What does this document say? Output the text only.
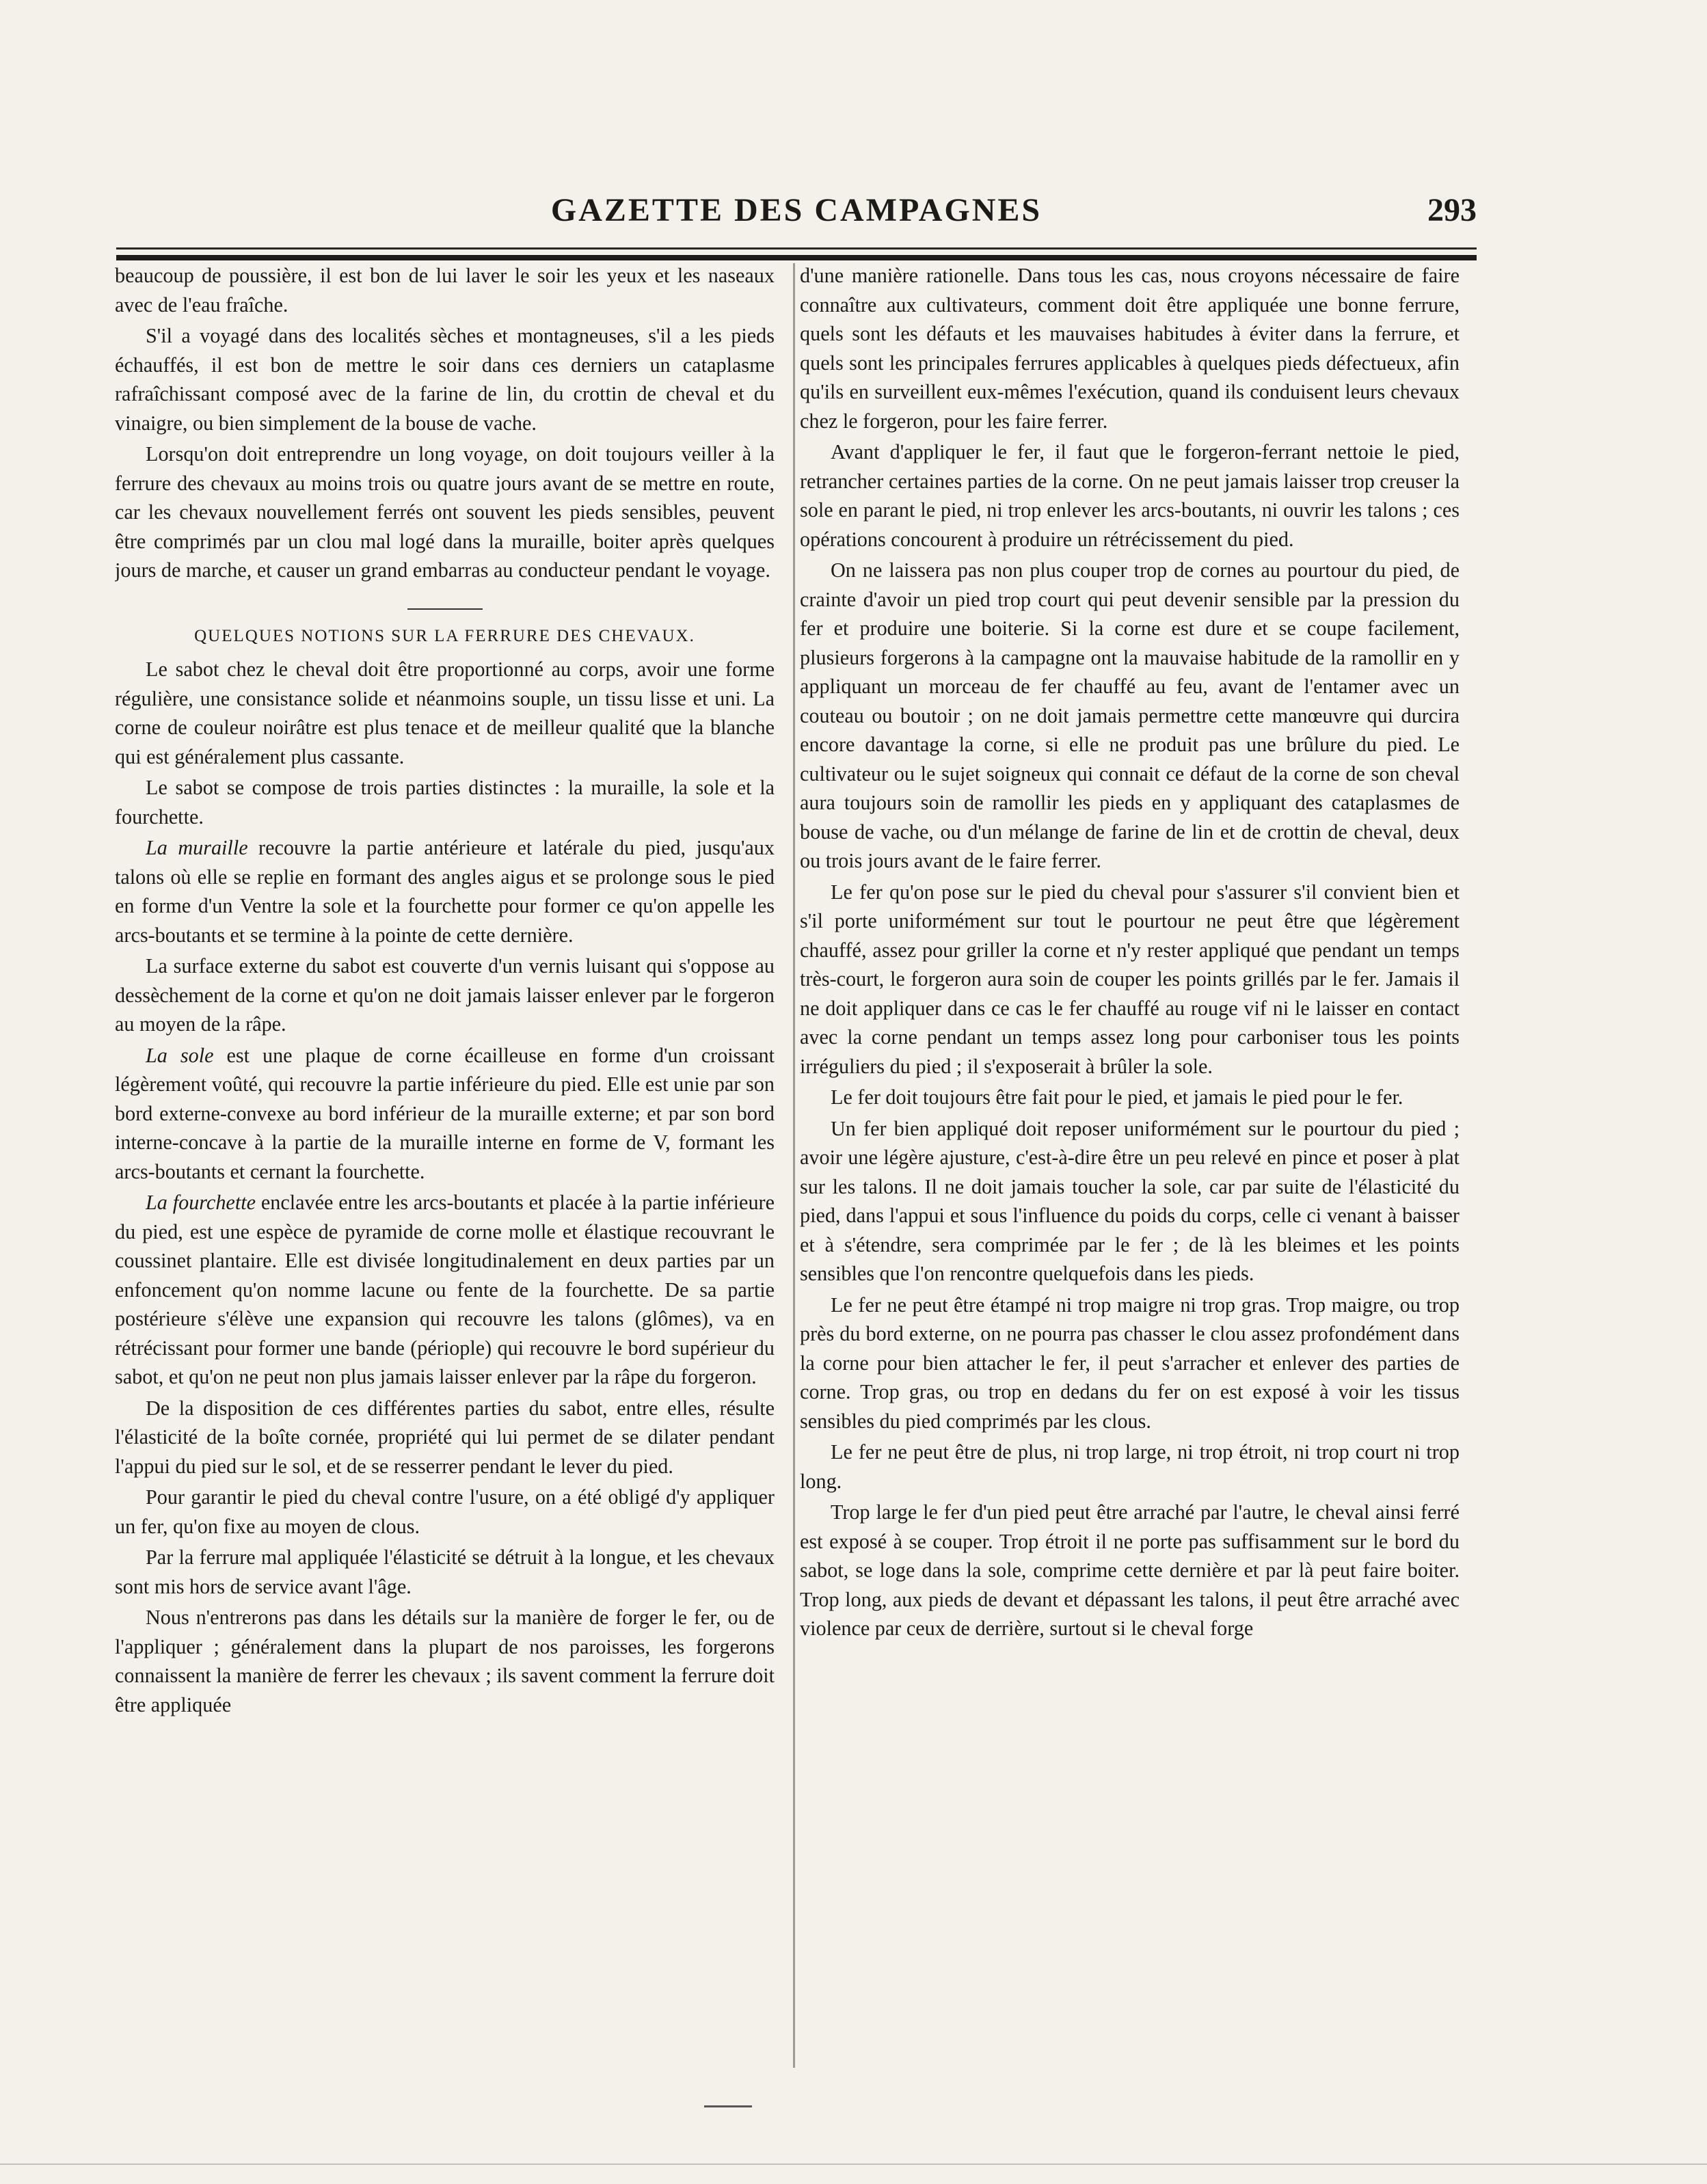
GAZETTE DES CAMPAGNES	293

beaucoup de poussière, il est bon de lui laver le soir les yeux et les naseaux avec de l'eau fraîche.

S'il a voyagé dans des localités sèches et montagneuses, s'il a les pieds échauffés, il est bon de mettre le soir dans ces derniers un cataplasme rafraîchissant composé avec de la farine de lin, du crottin de cheval et du vinaigre, ou bien simplement de la bouse de vache.

Lorsqu'on doit entreprendre un long voyage, on doit toujours veiller à la ferrure des chevaux au moins trois ou quatre jours avant de se mettre en route, car les chevaux nouvellement ferrés ont souvent les pieds sensibles, peuvent être comprimés par un clou mal logé dans la muraille, boiter après quelques jours de marche, et causer un grand embarras au conducteur pendant le voyage.

QUELQUES NOTIONS SUR LA FERRURE DES CHEVAUX.

Le sabot chez le cheval doit être proportionné au corps, avoir une forme régulière, une consistance solide et néanmoins souple, un tissu lisse et uni. La corne de couleur noirâtre est plus tenace et de meilleur qualité que la blanche qui est généralement plus cassante.

Le sabot se compose de trois parties distinctes : la muraille, la sole et la fourchette.

La muraille recouvre la partie antérieure et latérale du pied, jusqu'aux talons où elle se replie en formant des angles aigus et se prolonge sous le pied en forme d'un Ventre la sole et la fourchette pour former ce qu'on appelle les arcs-boutants et se termine à la pointe de cette dernière.

La surface externe du sabot est couverte d'un vernis luisant qui s'oppose au dessèchement de la corne et qu'on ne doit jamais laisser enlever par le forgeron au moyen de la râpe.

La sole est une plaque de corne écailleuse en forme d'un croissant légèrement voûté, qui recouvre la partie inférieure du pied. Elle est unie par son bord externe-convexe au bord inférieur de la muraille externe; et par son bord interne-concave à la partie de la muraille interne en forme de V, formant les arcs-boutants et cernant la fourchette.

La fourchette enclavée entre les arcs-boutants et placée à la partie inférieure du pied, est une espèce de pyramide de corne molle et élastique recouvrant le coussinet plantaire. Elle est divisée longitudinalement en deux parties par un enfoncement qu'on nomme lacune ou fente de la fourchette. De sa partie postérieure s'élève une expansion qui recouvre les talons (glômes), va en rétrécissant pour former une bande (périople) qui recouvre le bord supérieur du sabot, et qu'on ne peut non plus jamais laisser enlever par la râpe du forgeron.

De la disposition de ces différentes parties du sabot, entre elles, résulte l'élasticité de la boîte cornée, propriété qui lui permet de se dilater pendant l'appui du pied sur le sol, et de se resserrer pendant le lever du pied.

Pour garantir le pied du cheval contre l'usure, on a été obligé d'y appliquer un fer, qu'on fixe au moyen de clous.

Par la ferrure mal appliquée l'élasticité se détruit à la longue, et les chevaux sont mis hors de service avant l'âge.

Nous n'entrerons pas dans les détails sur la manière de forger le fer, ou de l'appliquer ; généralement dans la plupart de nos paroisses, les forgerons connaissent la manière de ferrer les chevaux ; ils savent comment la ferrure doit être appliquée

d'une manière rationelle. Dans tous les cas, nous croyons nécessaire de faire connaître aux cultivateurs, comment doit être appliquée une bonne ferrure, quels sont les défauts et les mauvaises habitudes à éviter dans la ferrure, et quels sont les principales ferrures applicables à quelques pieds défectueux, afin qu'ils en surveillent eux-mêmes l'exécution, quand ils conduisent leurs chevaux chez le forgeron, pour les faire ferrer.

Avant d'appliquer le fer, il faut que le forgeron-ferrant nettoie le pied, retrancher certaines parties de la corne. On ne peut jamais laisser trop creuser la sole en parant le pied, ni trop enlever les arcs-boutants, ni ouvrir les talons ; ces opérations concourent à produire un rétrécissement du pied.

On ne laissera pas non plus couper trop de cornes au pourtour du pied, de crainte d'avoir un pied trop court qui peut devenir sensible par la pression du fer et produire une boiterie. Si la corne est dure et se coupe facilement, plusieurs forgerons à la campagne ont la mauvaise habitude de la ramollir en y appliquant un morceau de fer chauffé au feu, avant de l'entamer avec un couteau ou boutoir ; on ne doit jamais permettre cette manœuvre qui durcira encore davantage la corne, si elle ne produit pas une brûlure du pied. Le cultivateur ou le sujet soigneux qui connait ce défaut de la corne de son cheval aura toujours soin de ramollir les pieds en y appliquant des cataplasmes de bouse de vache, ou d'un mélange de farine de lin et de crottin de cheval, deux ou trois jours avant de le faire ferrer.

Le fer qu'on pose sur le pied du cheval pour s'assurer s'il convient bien et s'il porte uniformément sur tout le pourtour ne peut être que légèrement chauffé, assez pour griller la corne et n'y rester appliqué que pendant un temps très-court, le forgeron aura soin de couper les points grillés par le fer. Jamais il ne doit appliquer dans ce cas le fer chauffé au rouge vif ni le laisser en contact avec la corne pendant un temps assez long pour carboniser tous les points irréguliers du pied ; il s'exposerait à brûler la sole.

Le fer doit toujours être fait pour le pied, et jamais le pied pour le fer.

Un fer bien appliqué doit reposer uniformément sur le pourtour du pied ; avoir une légère ajusture, c'est-à-dire être un peu relevé en pince et poser à plat sur les talons. Il ne doit jamais toucher la sole, car par suite de l'élasticité du pied, dans l'appui et sous l'influence du poids du corps, celle ci venant à baisser et à s'étendre, sera comprimée par le fer ; de là les bleimes et les points sensibles que l'on rencontre quelquefois dans les pieds.

Le fer ne peut être étampé ni trop maigre ni trop gras. Trop maigre, ou trop près du bord externe, on ne pourra pas chasser le clou assez profondément dans la corne pour bien attacher le fer, il peut s'arracher et enlever des parties de corne. Trop gras, ou trop en dedans du fer on est exposé à voir les tissus sensibles du pied comprimés par les clous.

Le fer ne peut être de plus, ni trop large, ni trop étroit, ni trop court ni trop long.

Trop large le fer d'un pied peut être arraché par l'autre, le cheval ainsi ferré est exposé à se couper. Trop étroit il ne porte pas suffisamment sur le bord du sabot, se loge dans la sole, comprime cette dernière et par là peut faire boiter. Trop long, aux pieds de devant et dépassant les talons, il peut être arraché avec violence par ceux de derrière, surtout si le cheval forge
